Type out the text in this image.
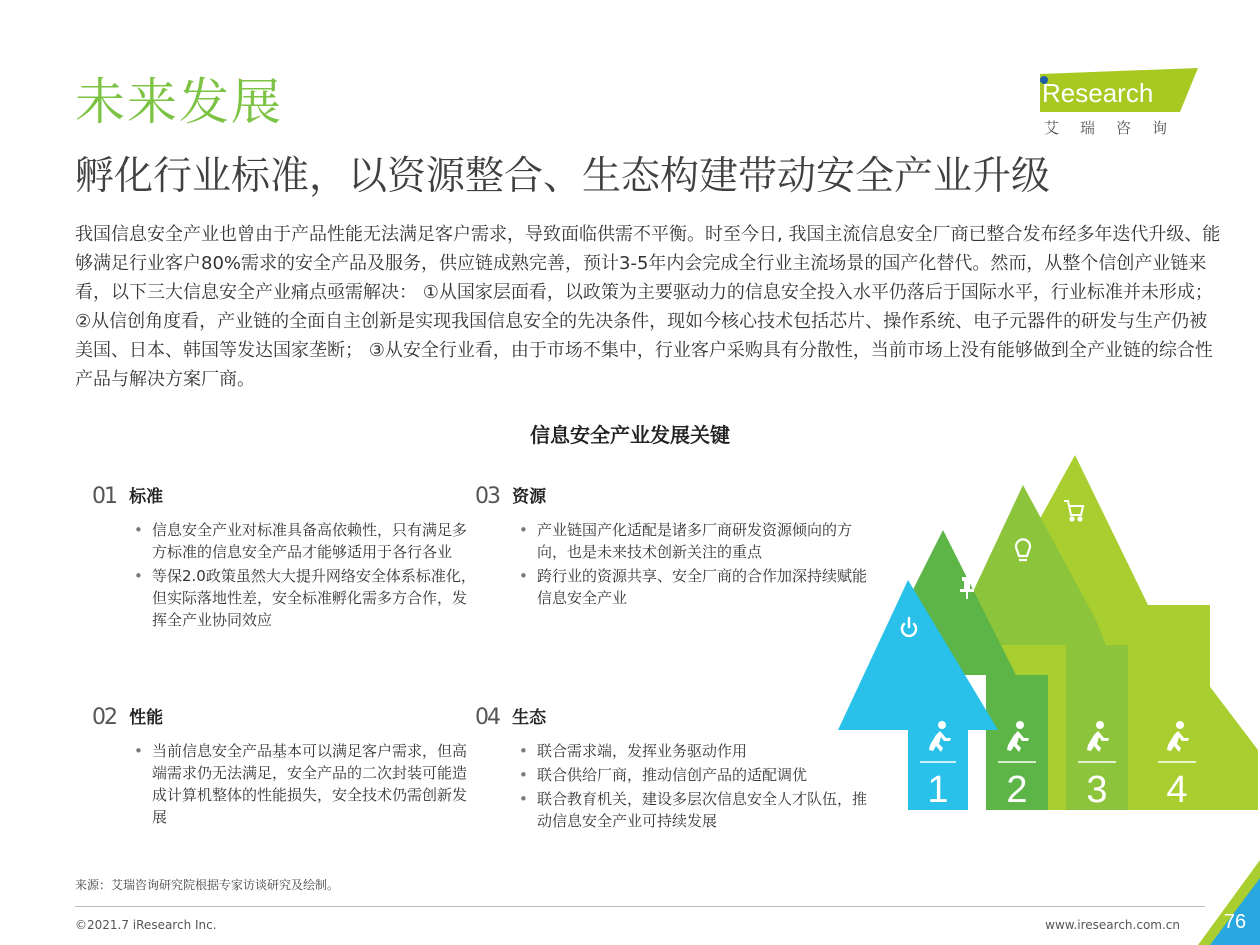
未来发展
孵化行业标准，以资源整合、生态构建带动安全产业升级
Research
艾瑞咨询

我国信息安全产业也曾由于产品性能无法满足客户需求，导致面临供需不平衡。时至今日, 我国主流信息安全厂商已整合发布经多年迭代升级、能够满足行业客户80%需求的安全产品及服务，供应链成熟完善，预计3-5年内会完成全行业主流场景的国产化替代。然而，从整个信创产业链来看，以下三大信息安全产业痛点亟需解决： ①从国家层面看，以政策为主要驱动力的信息安全投入水平仍落后于国际水平，行业标准并未形成； ②从信创角度看，产业链的全面自主创新是实现我国信息安全的先决条件，现如今核心技术包括芯片、操作系统、电子元器件的研发与生产仍被美国、日本、韩国等发达国家垄断； ③从安全行业看，由于市场不集中，行业客户采购具有分散性，当前市场上没有能够做到全产业链的综合性产品与解决方案厂商。

信息安全产业发展关键
01 标准
• 信息安全产业对标准具备高依赖性，只有满足多方标准的信息安全产品才能够适用于各行各业
• 等保2.0政策虽然大大提升网络安全体系标准化，但实际落地性差，安全标准孵化需多方合作，发挥全产业协同效应
02 性能
• 当前信息安全产品基本可以满足客户需求，但高端需求仍无法满足，安全产品的二次封装可能造成计算机整体的性能损失，安全技术仍需创新发展
03 资源
• 产业链国产化适配是诸多厂商研发资源倾向的方向，也是未来技术创新关注的重点
• 跨行业的资源共享、安全厂商的合作加深持续赋能信息安全产业
04 生态
• 联合需求端，发挥业务驱动作用
• 联合供给厂商，推动信创产品的适配调优
• 联合教育机关，建设多层次信息安全人才队伍，推动信息安全产业可持续发展
1 2 3 4
来源：艾瑞咨询研究院根据专家访谈研究及绘制。
©2021.7 iResearch Inc.	www.iresearch.com.cn	76
